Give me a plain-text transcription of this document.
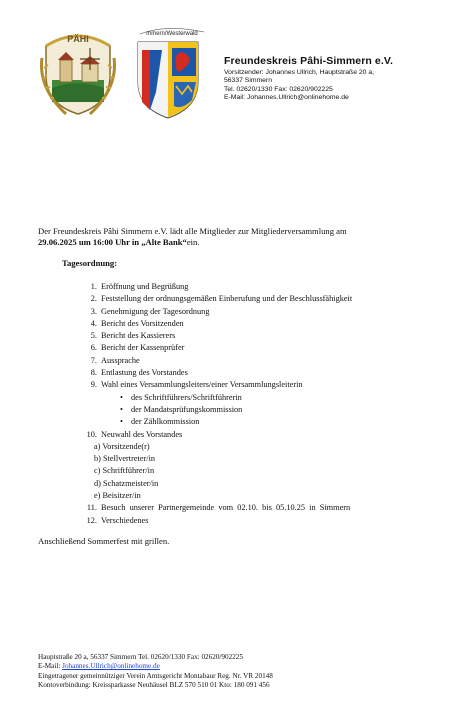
PÄHI	mmern/Westerwald
Freundeskreis Pâhi-Simmern e.V.
Vorsitzender: Johannes Ullrich, Hauptstraße 20 a,
56337 Simmern
Tel. 02620/1330 Fax: 02620/902225
E-Mail: Johannes.Ullrich@onlinehome.de
Der Freundeskreis Pâhi Simmern e.V. lädt alle Mitglieder zur Mitgliederversammlung am
29.06.2025 um 16:00 Uhr in „Alte Bank“ein.
Tagesordnung:
1. Eröffnung und Begrüßung
2. Feststellung der ordnungsgemäßen Einberufung und der Beschlussfähigkeit
3. Genehmigung der Tagesordnung
4. Bericht des Vorsitzenden
5. Bericht des Kassierers
6. Bericht der Kassenprüfer
7. Aussprache
8. Entlastung des Vorstandes
9. Wahl eines Versammlungsleiters/einer Versammlungsleiterin
• des Schriftführers/Schriftführerin
• der Mandatsprüfungskommission
• der Zählkommission
10. Neuwahl des Vorstandes
a) Vorsitzende(r)
b) Stellvertreter/in
c) Schriftführer/in
d) Schatzmeister/in
e) Beisitzer/in
11. Besuch  unserer  Partnergemeinde  vom  02.10.  bis  05.10.25  in  Simmern
12. Verschiedenes
Anschließend Sommerfest mit grillen.
Hauptstraße 20 a, 56337 Simmern Tel. 02620/1330 Fax: 02620/902225
E-Mail: Johannes.Ullrich@onlinehome.de
Eingetragener gemeinnütziger Verein Amtsgericht Montabaur Reg. Nr. VR 20148
Kontoverbindung: Kreissparkasse Neuhäusel BLZ 570 510 01 Kto: 180 091 456
